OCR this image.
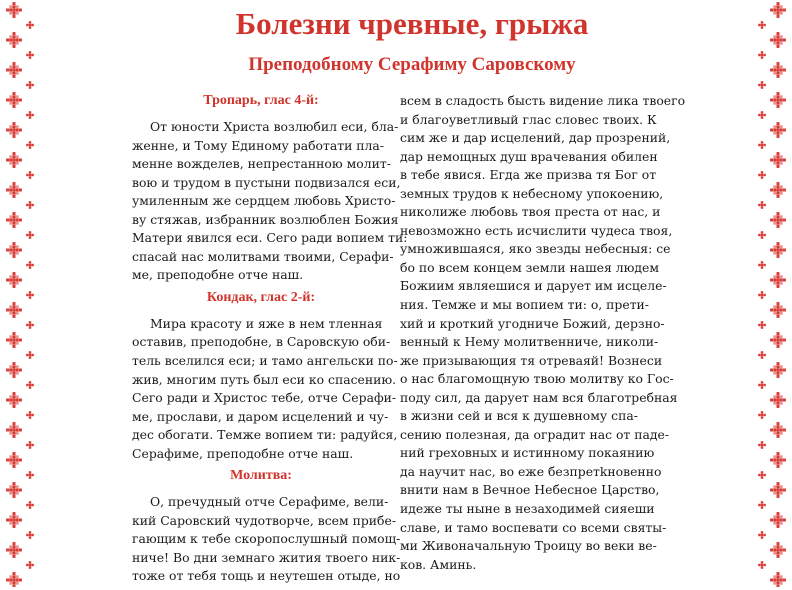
Болезни чревные, грыжа
Преподобному Серафиму Саровскому
Тропарь, глас 4-й:
От юности Христа возлюбил еси, бла-
женне, и Тому Единому работати пла-
менне вожделев, непрестанною молит-
вою и трудом в пустыни подвизался еси,
умиленным же сердцем любовь Христо-
ву стяжав, избранник возлюблен Божия
Матери явился еси. Сего ради вопием ти:
спасай нас молитвами твоими, Серафи-
ме, преподобне отче наш.
Кондак, глас 2-й:
Мира красоту и яже в нем тленная
оставив, преподобне, в Саровскую оби-
тель вселился еси; и тамо ангельски по-
жив, многим путь был еси ко спасению.
Сего ради и Христос тебе, отче Серафи-
ме, прослави, и даром исцелений и чу-
дес обогати. Темже вопием ти: радуйся,
Серафиме, преподобне отче наш.
Молитва:
О, пречудный отче Серафиме, вели-
кий Саровский чудотворче, всем прибе-
гающим к тебе скоропослушный помощ-
ниче! Во дни земнаго жития твоего ник-
тоже от тебя тощь и неутешен отыде, но
всем в сладость бысть видение лика твоего
и благоуветливый глас словес твоих. К
сим же и дар исцелений, дар прозрений,
дар немощных душ врачевания обилен
в тебе явися. Егда же призва тя Бог от
земных трудов к небесному упокоению,
николиже любовь твоя преста от нас, и
невозможно есть исчислити чудеса твоя,
умножившаяся, яко звезды небесныя: се
бо по всем концем земли нашея людем
Божиим являешися и дарует им исцеле-
ния. Темже и мы вопием ти: о, прети-
хий и кроткий угодниче Божий, дерзно-
венный к Нему молитвенниче, николи-
же призывающия тя отреваяй! Вознеси
о нас благомощную твою молитву ко Гос-
поду сил, да дарует нам вся благотребная
в жизни сей и вся к душевному спа-
сению полезная, да оградит нас от паде-
ний греховных и истинному покаянию
да научит нас, во еже безпретkновенно
внити нам в Вечное Небесное Царство,
идеже ты ныне в незаходимей сияеши
славе, и тамо воспевати со всеми святы-
ми Живоначальную Троицу во веки ве-
ков. Аминь.
